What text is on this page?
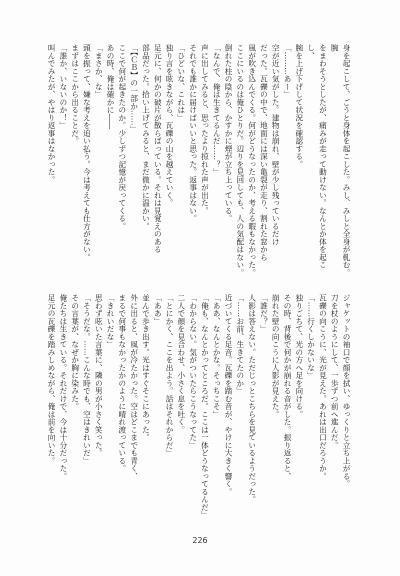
身を起こして、ごうと身体を起こした。みし、みしと全身が軋む。腕

をまわそうとしたが、痛みが走って動けない。なんとか体を起こし、

腕を上げ下げして状況を確認する。

「………あー」

空が近い気がした。建物は崩れ、壁が少し残っているだけ

だった。瓦礫の中で、地面には深い亀裂が走り、割れた窓から

風が吹き込んでくる。何がどうなったのか、考える暇もなかった。

ここにいるのは俺ひとりだ。辺りを見回しても、人の気配はない。

倒れた柱の陰から、かすかに煙が立ち上っている。

「なんで、俺は生きてるんだ……？」

声に出してみると、思ったより掠れた声が出た。

それでも誰かに届けばいいと思った。返事はない。

「ひどいな、これは」

独り言を呟きながら、瓦礫の山を越えていく。

足元に、何かの破片が散らばっている。それは見覚えのある

部品だった。拾い上げてみると、まだ微かに温かい。

「【ＣＢ】の一部か……」

ここで何が起きたのか。少しずつ記憶が戻ってくる。

あの時、俺は確かに――

「まさか、な」

頭を振って、嫌な考えを追い払う。今は考えても仕方がない。

まずはここから出ることだ。

「誰か、いないのか！」

叫んでみたが、やはり返事はなかった。

ジャケットの袖口で顔を拭い、ゆっくりと立ち上がる。

刀を杖のようにして、一歩ずつ前へ進んだ。

瓦礫の向こうに、光が見えた。あれは出口だろうか。

「……行くしかないな」

独りごちて、光の方へ足を向ける。

その時、背後で何かが崩れる音がした。振り返ると、

崩れた壁の向こうに人影が見えた。

「誰だ？」

人影は答えない。ただじっとこちらを見ているようだった。

「……お前、生きてたのか」

近づいてくる足音。瓦礫を踏む音が、やけに大きく響く。

「ああ、なんとかな。そっちこそ」

「俺も、なんとかってところだ。ここは一体どうなってるんだ」

「わからない。気がついたらこうなってた」

二人で顔を見合わせ、小さく息を吐く。

「とにかく、ここを出よう。話はそれからだ」

「ああ」

並んで歩き出す。光はすぐそこにあった。

外に出ると、風が冷たかった。空はどこまでも青く、

まるで何事もなかったかのように晴れ渡っている。

「きれいだな」

思わず呟いた言葉に、隣の男が小さく笑った。

「そうだな。……こんな時でも、空はきれいだ」

その言葉が、なぜか胸に染みた。

俺たちは生きている。それだけで、今は十分だった。

足元の瓦礫を踏みしめながら、俺は前を向いた。

226
